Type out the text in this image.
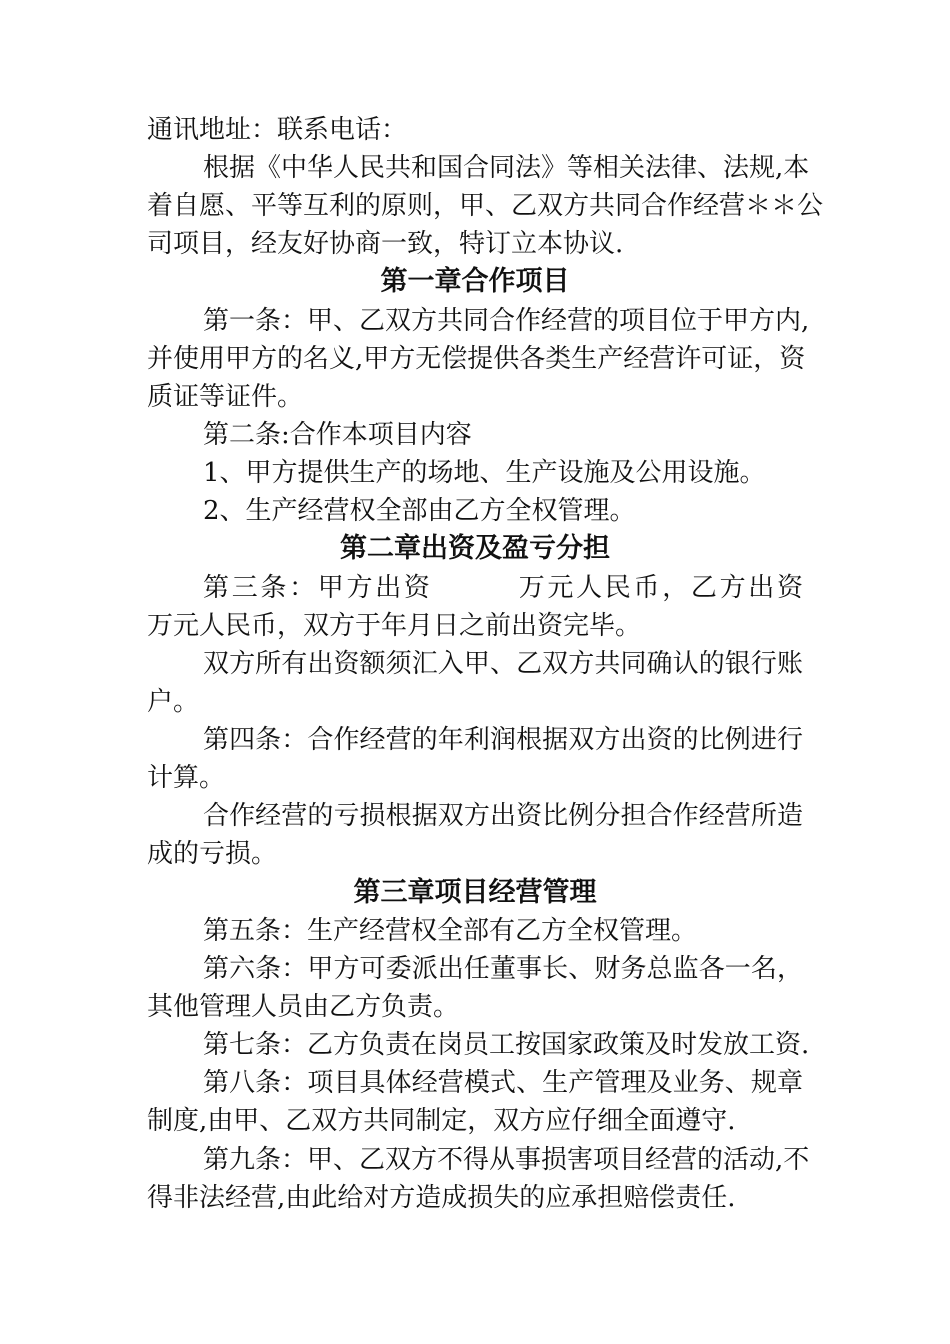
通讯地址：联系电话：

根据《中华人民共和国合同法》等相关法律、法规,本

着自愿、平等互利的原则，甲、乙双方共同合作经营＊＊公

司项目，经友好协商一致，特订立本协议.

第一章合作项目

第一条：甲、乙双方共同合作经营的项目位于甲方内,

并使用甲方的名义,甲方无偿提供各类生产经营许可证，资

质证等证件。

第二条:合作本项目内容

1、甲方提供生产的场地、生产设施及公用设施。

2、生产经营权全部由乙方全权管理。

第二章出资及盈亏分担

第三条：甲方出资　　　万元人民币，乙方出资

万元人民币，双方于年月日之前出资完毕。

双方所有出资额须汇入甲、乙双方共同确认的银行账

户。

第四条：合作经营的年利润根据双方出资的比例进行

计算。

合作经营的亏损根据双方出资比例分担合作经营所造

成的亏损。

第三章项目经营管理

第五条：生产经营权全部有乙方全权管理。

第六条：甲方可委派出任董事长、财务总监各一名，

其他管理人员由乙方负责。

第七条：乙方负责在岗员工按国家政策及时发放工资.

第八条：项目具体经营模式、生产管理及业务、规章

制度,由甲、乙双方共同制定，双方应仔细全面遵守.

第九条：甲、乙双方不得从事损害项目经营的活动,不

得非法经营,由此给对方造成损失的应承担赔偿责任.
